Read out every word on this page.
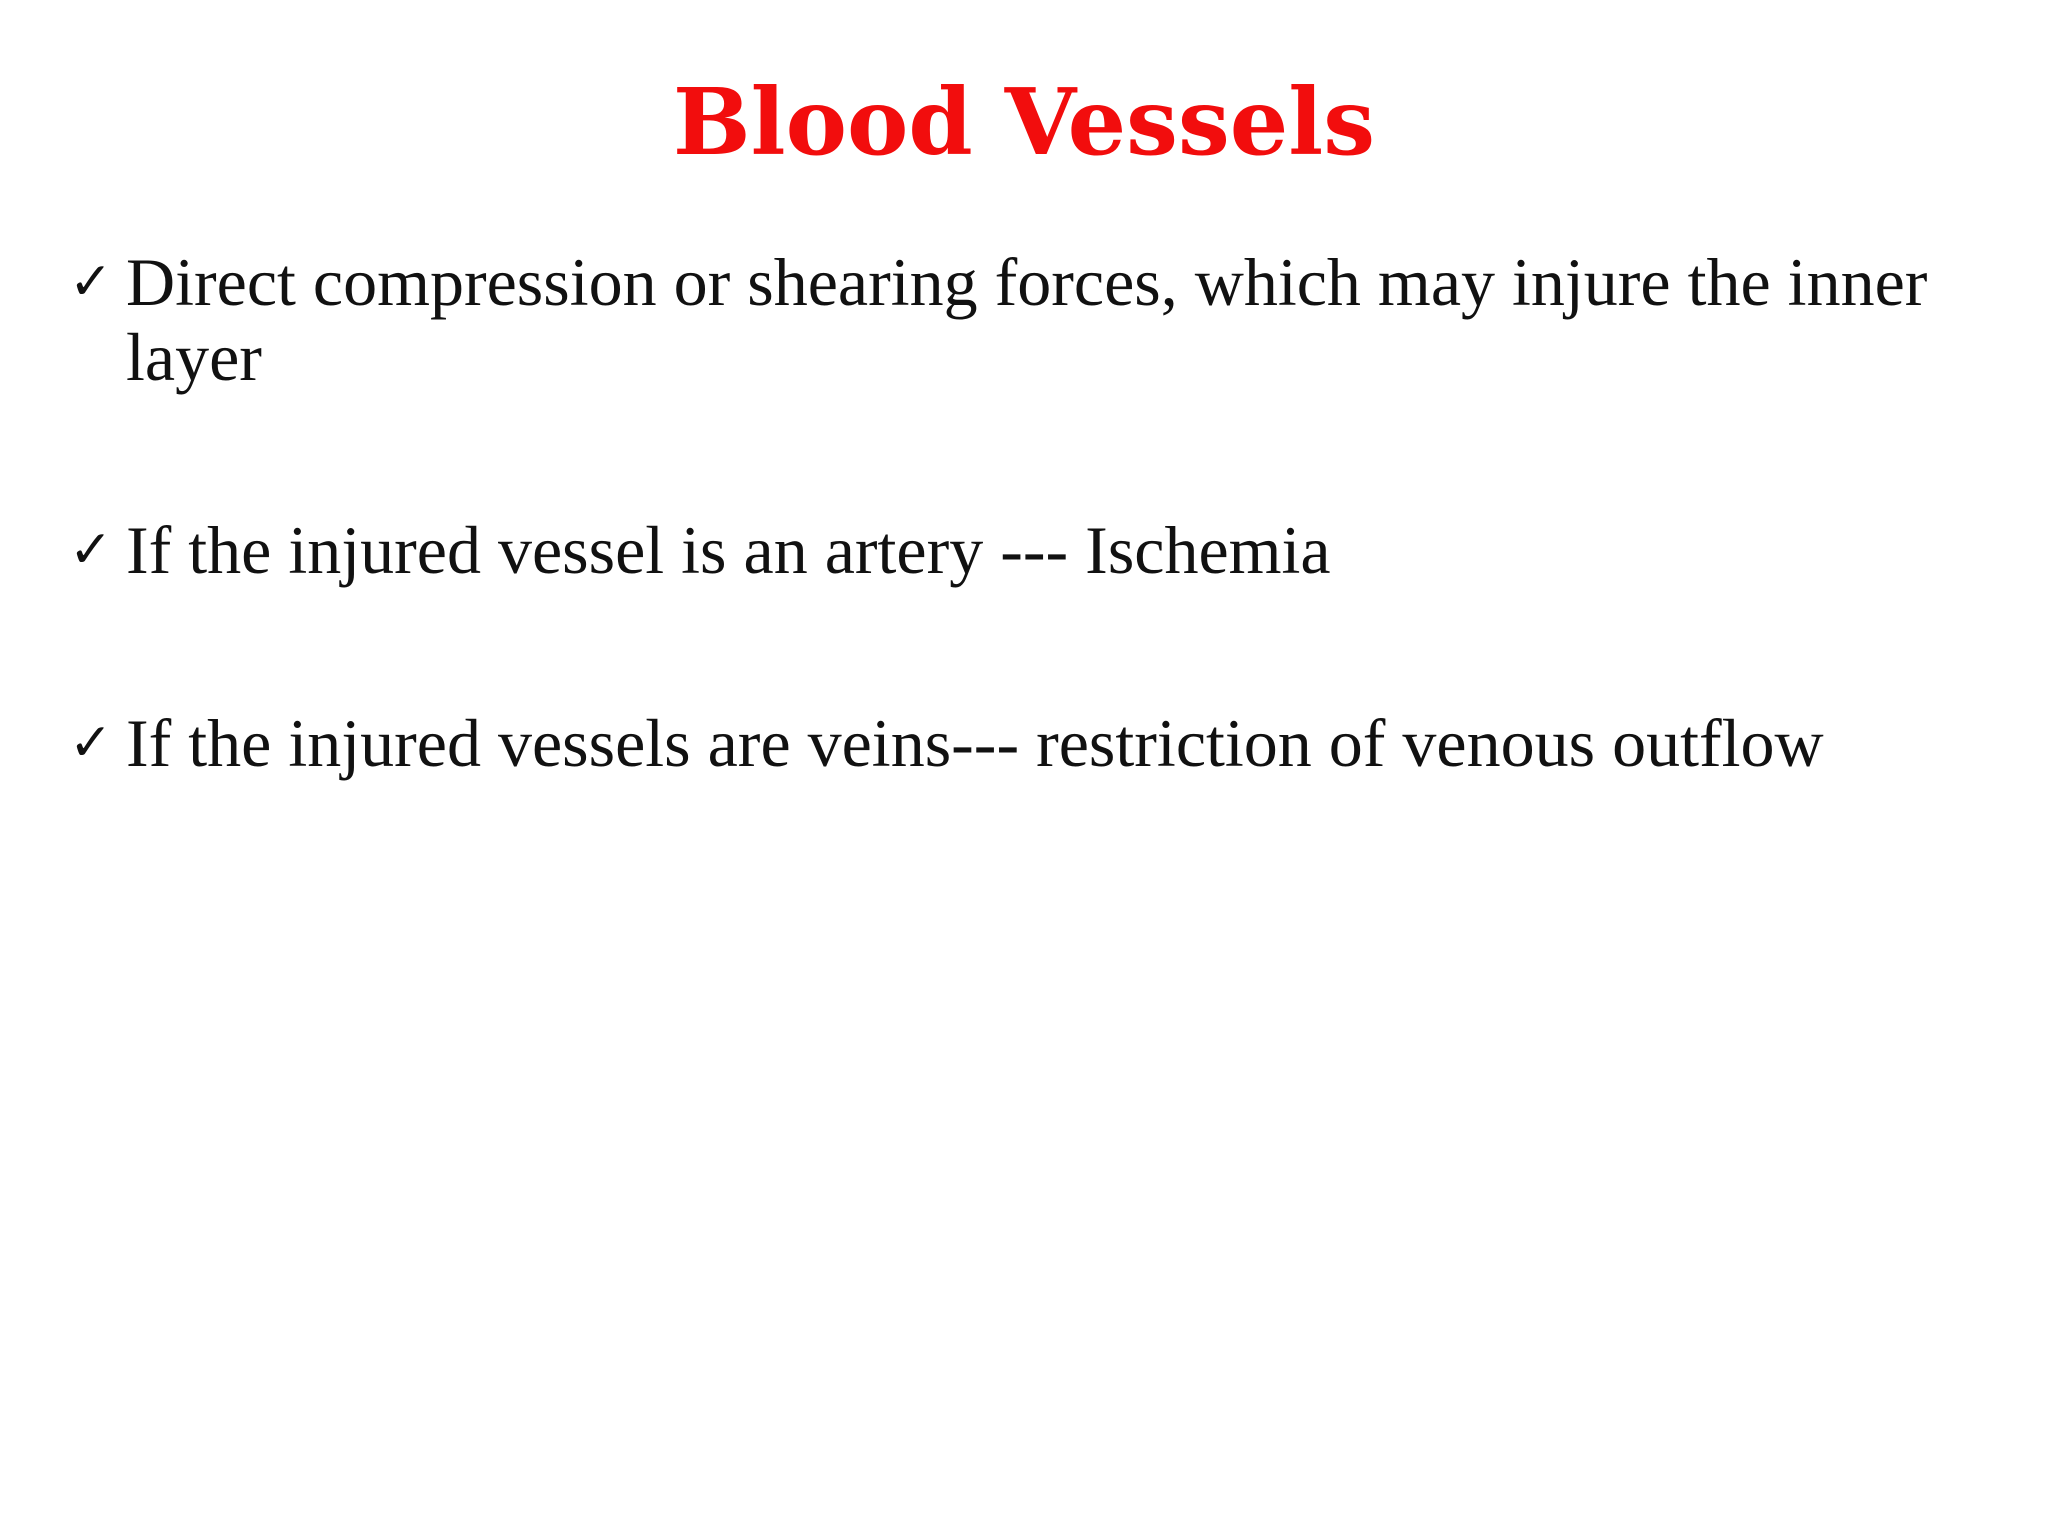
Blood Vessels
✓ Direct compression or shearing forces, which may injure the inner layer
✓ If the injured vessel is an artery --- Ischemia
✓ If the injured vessels are veins--- restriction of venous outflow
